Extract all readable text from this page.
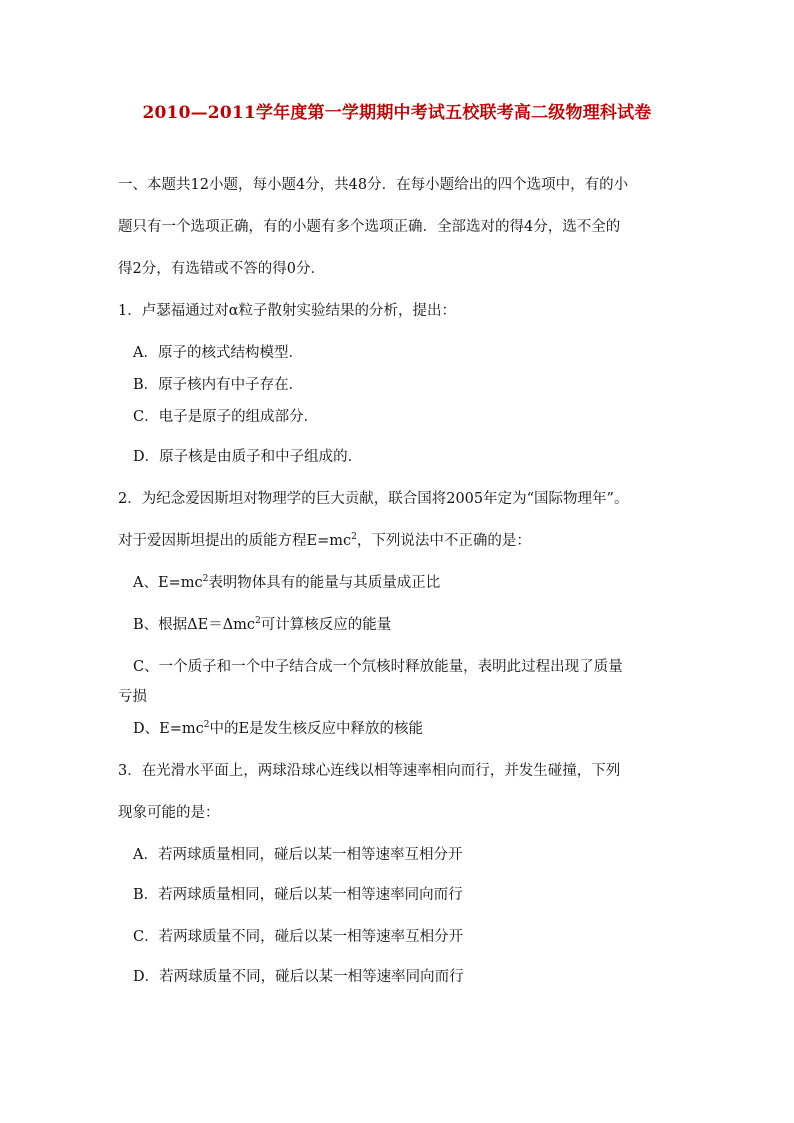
2010—2011学年度第一学期期中考试五校联考高二级物理科试卷
一、本题共12小题，每小题4分，共48分．在每小题给出的四个选项中，有的小
题只有一个选项正确，有的小题有多个选项正确．全部选对的得4分，选不全的
得2分，有选错或不答的得0分．
1．卢瑟福通过对α粒子散射实验结果的分析，提出：
A．原子的核式结构模型．
B．原子核内有中子存在．
C．电子是原子的组成部分．
D．原子核是由质子和中子组成的．
2．为纪念爱因斯坦对物理学的巨大贡献，联合国将2005年定为“国际物理年”。
对于爱因斯坦提出的质能方程$E=mc^2$，下列说法中不正确的是：
A、$E=mc^2$表明物体具有的能量与其质量成正比
B、根据ΔE＝Δmc$^2$可计算核反应的能量
C、一个质子和一个中子结合成一个氘核时释放能量，表明此过程出现了质量
亏损
D、$E=mc^2$中的E是发生核反应中释放的核能
3．在光滑水平面上，两球沿球心连线以相等速率相向而行，并发生碰撞，下列
现象可能的是：
A．若两球质量相同，碰后以某一相等速率互相分开
B．若两球质量相同，碰后以某一相等速率同向而行
C．若两球质量不同，碰后以某一相等速率互相分开
D．若两球质量不同，碰后以某一相等速率同向而行
